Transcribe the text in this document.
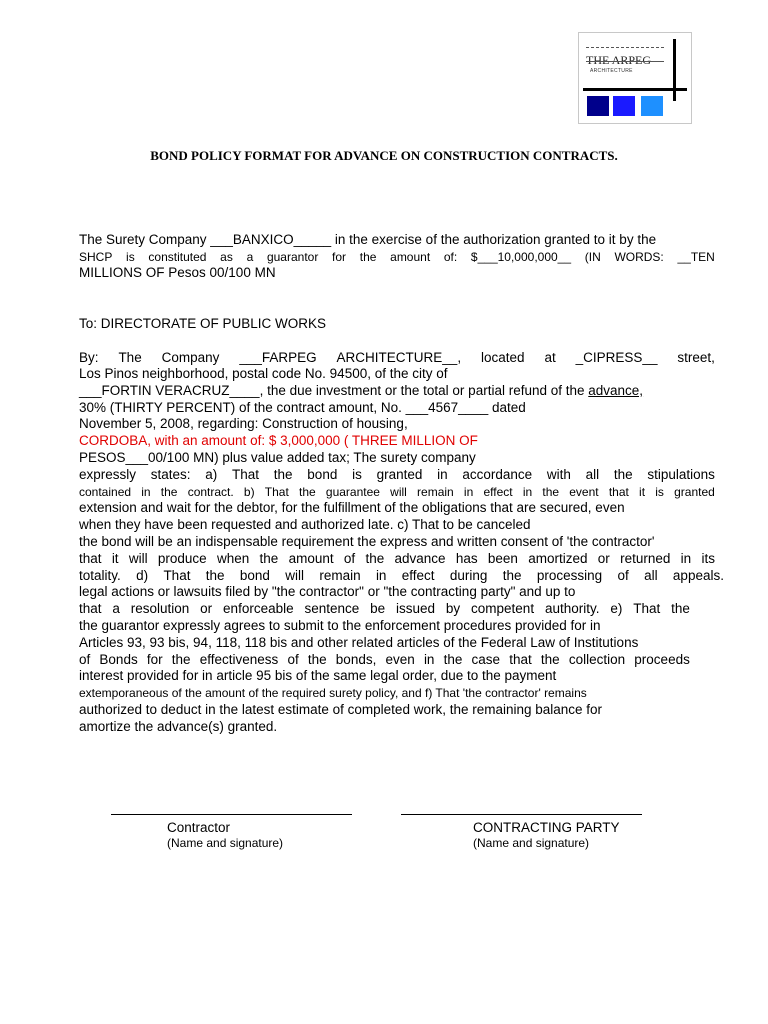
THE ARPEG
ARCHITECTURE
BOND POLICY FORMAT FOR ADVANCE ON CONSTRUCTION CONTRACTS.
The Surety Company ___BANXICO_____ in the exercise of the authorization granted to it by the
SHCP is constituted as a guarantor for the amount of: $___10,000,000__ (IN WORDS: __TEN
MILLIONS OF Pesos 00/100 MN
To: DIRECTORATE OF PUBLIC WORKS
By: The Company ___FARPEG ARCHITECTURE__, located at _CIPRESS__ street,
Los Pinos neighborhood, postal code No. 94500, of the city of
___FORTIN VERACRUZ____, the due investment or the total or partial refund of the advance,
30% (THIRTY PERCENT) of the contract amount, No. ___4567____ dated
November 5, 2008, regarding: Construction of housing,
CORDOBA, with an amount of: $ 3,000,000 ( THREE MILLION OF
PESOS___00/100 MN) plus value added tax; The surety company
expressly states: a) That the bond is granted in accordance with all the stipulations
contained in the contract. b) That the guarantee will remain in effect in the event that it is granted
extension and wait for the debtor, for the fulfillment of the obligations that are secured, even
when they have been requested and authorized late. c) That to be canceled
the bond will be an indispensable requirement the express and written consent of 'the contractor'
that it will produce when the amount of the advance has been amortized or returned in its
totality. d) That the bond will remain in effect during the processing of all appeals.
legal actions or lawsuits filed by "the contractor" or "the contracting party" and up to
that a resolution or enforceable sentence be issued by competent authority. e) That the
the guarantor expressly agrees to submit to the enforcement procedures provided for in
Articles 93, 93 bis, 94, 118, 118 bis and other related articles of the Federal Law of Institutions
of Bonds for the effectiveness of the bonds, even in the case that the collection proceeds
interest provided for in article 95 bis of the same legal order, due to the payment
extemporaneous of the amount of the required surety policy, and f) That 'the contractor' remains
authorized to deduct in the latest estimate of completed work, the remaining balance for
amortize the advance(s) granted.
Contractor
(Name and signature)
CONTRACTING PARTY
(Name and signature)
